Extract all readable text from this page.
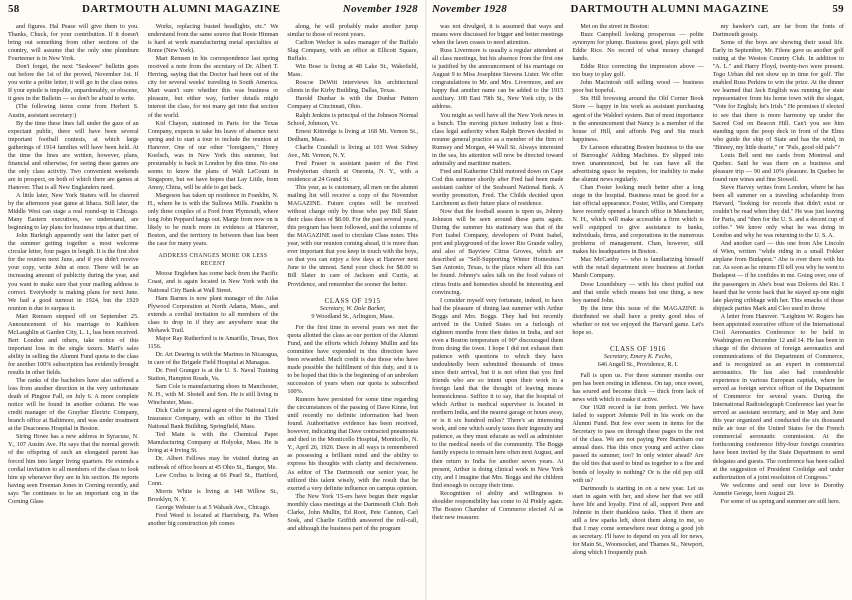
58	DARTMOUTH ALUMNI MAGAZINE	November 1928

and figures. Hal Pease will give them to you. Thanks, Chuck, for your contribution. If it doesn't bring out something from other sections of the country, will assume that the only sine plumbum Fourteener is in New York.

Don't forget, the next "Seskwee" bulletin goes out before the 1st of the proved, November 1st. If you write a polite letter, it will go in the class notes. If your epistle is impolite, unpardonably, or obscene, it goes in the Bulletin — so don't be afraid to write.

(The following items come from Herbert S. Austin, assistant secretary:)

By the time these lines fall under the gaze of an expectant public, there will have been several important football contests, at which large gatherings of 1914 families will have been held. At the time the lines are written, however, plans, financial and otherwise, for seeing these games are the only class activity. Two convenient weekends are in prospect, on both of which there are games at Hanover. That is all New Englanders need.

A little later, New York Staters will be cheered by the afternoon year game at Ithaca. Still later, the Middle West can stage a real round-up in Chicago. Many Eastern executives, we understand, are beginning to lay plans for business trips at that time.

John Burleigh apparently sent the latter part of the summer getting together a most welcome circular letter, four pages in length. It is the first shot for the reunion next June, and if you didn't receive your copy, write John at once. There will be an increasing amount of publicity during the year, and you want to make sure that your mailing address is correct. Everybody is making plans for next June. We had a good turnout in 1924, but the 1929 reunion is due to surpass it.

Mart Remsen stepped off on September 25. Announcement of his marriage to Kathleen McLaughlin at Garden City, L. I., has been received. Bert London and others, take notice of this important loss in the single taxers. Mart's sales ability in selling the Alumni Fund quota to the class for another 100% subscription has evidently brought results in other fields.

The ranks of the bachelors have also suffered a loss from another direction in the very unfortunate death of Pingree Fall, on July 6. A more complete notice will be found in another column. He was credit manager of the Graybar Electric Company, branch office at Baltimore, and was under treatment at the Deaconess Hospital in Boston.

String Howe has a new address in Syracuse, N. Y., 107 Austin Ave. He says that the normal growth of the offspring of such an elongated parent has forced him into larger living quarters. He extends a cordial invitation to all members of the class to look him up whenever they are in his section. He reports having seen Freeman Jones in Corning recently, and says "he continues to be an important cog in the Corning Glass

Works, replacing busted headlights, etc." We understand from the same source that Rosie Hinman is hard at work manufacturing metal specialties at Rome (New York).

Mart Remsen in his correspondence last spring received a note from the secretary of Dr. Albert T. Herring, saying that the Doctor had been out of the city for several weeks' traveling in South America. Mart wasn't sure whether this was business or pleasure, but either way, further details might interest the class, for not many get into that section of the world.

Kid Chaysn, stationed in Paris for the Texas Company, expects to take his leave of absence next spring and to start a tour to include the reunion at Hanover. One of our other "foreigners," Henry Koelsch, was in New York this summer, but presumably is back in London by this time. No one seems to know the plans of Walt LeCount in Singapore, but we have hopes that Lay Little, from Amoy, China, will be able to get back.

Margeson has taken up residence in Franklin, N. H., where he is with the Sullowa Mills. Franklin is only three couples of a Ford from Plymouth, where long John Peppard hangs out. Marge from now on is likely to be much more in evidence at Hanover, Boston, and the territory in between than has been the case for many years.

ADDRESS CHANGES MORE OR LESS RECENT

Moose Englehen has come back from the Pacific Coast, and is again located in New York with the National City Bank at Wall Street.

Ham Barnes is now plant manager of the Atlas Plywood Corporation at North Adams, Mass., and extends a cordial invitation to all members of the class to drop in if they are anywhere near the Mohawk Trail.

Major Ray Rutherford is in Amarillo, Texas, Box 1156.

Dr. Art Dearing is with the Marines in Nicaragua, in care of the Brigade Field Hospital at Managua.

Dr. Fred Granger is at the U. S. Naval Training Station, Hampton Roads, Va.

Sam Cole is manufacturing shoes in Manchester, N. H., with M. Shotell and Son. He is still living in Winchester, Mass.

Dick Cutler is general agent of the National Life Insurance Company, with an office in the Third National Bank Building, Springfield, Mass.

Ted Main is with the Chemical Paper Manufacturing Company at Holyoke, Mass. He is living at 4 Irving St.

Dr. Albert Fellows may be visited during an outbreak of office hours at 45 Ohio St., Bangor, Me.

Lew Corliss is living at 66 Pearl St., Hartford, Conn.

Morris White is living at 148 Willow St., Brooklyn, N. Y.

George Webster is at 5 Wabash Ave., Chicago.

Fred Weed is located at Harrisburg, Pa. When another big construction job comes

along, he will probably make another jump similar to those of recent years.

Carlton Wecker is sales manager of the Buffalo Slag Company, with an office at Ellicott Square, Buffalo.

Win Bose is living at 48 Lake St., Wakefield, Mass.

Roscoe DeWitt interviews his architectural clients in the Kirby Building, Dallas, Texas.

Harold Dunbar is with the Dunbar Pattern Company at Cincinnati, Ohio.

Ralph Jenkins is principal of the Johnson Normal School, Johnson, Vt.

Ernest Kittredge is living at 168 Mt. Vernon St., Dedham, Mass.

Charlie Crandall is living at 103 West Sidney Ave., Mt. Vernon, N. Y.

Fred Fraser is assistant pastor of the First Presbyterian church at Oneonta, N. Y., with a residence at 24 Grand St.

This year, as is customary, all men on the alumni mailing list will receive a copy of the November MAGAZINE. Future copies will be received without charge only by those who pay Bill Slater their class dues of $8.00. For the past several years, this program has been followed, and the columns of the MAGAZINE used to circulate Class notes. This year, with our reunion coming ahead, it is more than ever important that you keep in touch with the boys, so that you can enjoy a few days at Hanover next June to the utmost. Send your check for $8.00 to Bill Slater in care of Jackson and Curtis, at Providence, and remember the sooner the better.

CLASS OF 1915
Secretary, W. Dale Barker,
9 Woodland St., Arlington, Mass.

For the first time in several years we met the quota allotted the class as our portion of the Alumni Fund, and the efforts which Johnny Mullin and his committee have expended in this direction have been rewarded. Much credit is due those who have made possible the fulfillment of this duty, and it is to be hoped that this is the beginning of an unbroken succession of years when our quota is subscribed 100%.

Rumors have persisted for some time regarding the circumstances of the passing of Dave Kinne, but until recently no definite information had been found. Authoritative evidence has been received, however, indicating that Dave contracted pneumonia and died in the Monticello Hospital, Monticello, N. Y., April 26, 1926. Dave in all ways is remembered as possessing a brilliant mind and the ability to express his thoughts with clarity and decisiveness. As editor of The Dartmouth our senior year, he utilized this talent wisely, with the result that he exerted a very definite influence on campus opinion.

The New York '15-ers have begun their regular monthly class meetings at the Dartmouth Club. Bob Clarke, John Mullin, Ed Root, Pete Cannon, Carl Sosk, and Charlie Griffith answered the roll-call, and although the business part of the program

November 1928	DARTMOUTH ALUMNI MAGAZINE	59

was not divulged, it is assumed that ways and means were discussed for bigger and better meetings when the lawn ceases to need attention.

Russ Livermore is usually a regular attendant at all class meetings, but his absence from the first one is justified by the announcement of his marriage on August 9 to Miss Josephine Stevens Lister. We offer congratulations to Mr. and Mrs. Livermore, and are happy that another name can be added to the 1915 auxiliary. 100 East 79th St., New York city, is the address.

You might as well have all the New York news in a bunch. The moving picture industry lost a first-class legal authority when Ralph Brown decided to resume general practice as a member of the firm of Rumsey and Morgan, 44 Wall St. Always interested in the sea, his attention will now be directed toward admiralty and maritime matters.

Fred and Katherine Child motored down on Cape Cod this summer shortly after Fred had been made assistant cashier of the Seaboard National Bank. A worthy promotion, Fred. The Childs decided upon Larchmont as their future place of residence.

Now that the football season is upon us, Johnny Johnson will be seen around these parts again. During the summer his stationary was that of the Fort Isabel Company, developers of Point Isabel, port and playground of the lower Rio Grande valley, and also of Bayview Citrus Groves, which are described as "Self-Supporting Winter Homesites." San Antonio, Texas, is the place where all this can be found. Johnny's sales talk on the food values of citrus fruits and homesites should be interesting and convincing.

I consider myself very fortunate, indeed, to have had the pleasure of dining last summer with Arthur Boggs and Mrs. Boggs. They had but recently arrived in the United States on a furlough of eighteen months from their duties in India, and not even a Boston temperature of 90° discouraged them from doing the town. I hope I did not exhaust their patience with questions to which they have undoubtedly been submitted thousands of times since their arrival, but it is not often that you find friends who are so intent upon their work in a foreign land that the thought of leaving means homesickness. Suffice it to say, that the hospital of which Arthur is medical supervisor is located in northern India, and the nearest garage or hours away, or is it six hundred miles? There's an interesting work, and one which surely taxes their ingenuity and patience, as they must educate as well as administer to the medical needs of the community. The Boggs family expects to remain here often next August, and then return to India for another seven years. At present, Arthur is doing clinical work in New York city, and I imagine that Mrs. Boggs and the children find enough to occupy their time.

Recognition of ability and willingness to shoulder responsibility has come to Al Pinkly again. The Boston Chamber of Commerce elected Al as their new treasurer.

Met on the street in Boston:

Buzz Campbell looking prosperous — polite synonym for plump. Business good, plays golf with Eddie Rice. No record of what money changed hands.

Eddie Rice correcting the impression above — too busy to play golf.

John Macintosh still selling wood — business poor but hopeful.

Stu Hill browsing around the Old Corner Book Store — happy in his work as assistant purchasing agent of the Waldorf system. But of most importance is the announcement that Nancy is a member of the house of Hill, and affords Peg and Stu much happiness.

Ev Larsson educating Boston business to the use of Burroughs' Adding Machines. Ev slipped into town unannounced, but he can have all the advertising space he requires, for inability to make the alumni news regularly.

Chan Foster looking much better after a long siege in the hospital. Business must be good for a fair official appearance. Foster, Willis, and Company have recently opened a branch office in Manchester, N. H., which will make accessible a firm which is well equipped to give assistance to banks, individuals, firms, and corporations in the numerous problems of management. Chan, however, still makes his headquarters in Boston.

Mac McCarthy — who is familiarizing himself with the retail department store business at Jordan Marsh Company.

Dooe Loundsbury — with his chest puffed out and that smile which means but one thing, a new boy named John.

By the time this issue of the MAGAZINE is distributed we shall have a pretty good idea of whether or not we enjoyed the Harvard game. Let's hope so.

CLASS OF 1916
Secretary, Emery K. Fecho,
646 Angell St., Providence, R. I.

Fall is upon us. For three summer months our pen has been resting in idleness. On tap, once sweet, has soured and become thick — thick from lack of news with which to make it active.

Our 1928 record is far from perfect. We have failed to support Johnnie Pell in his work on the Alumni Fund. But few ever seem in items for the Secretary to pass on through these pages to the rest of the class. We are not paying Pere Burnham our annual dues. Has this once young and active class passed its summer, too? In only winter ahead? Are the old ties that used to bind us together to a fire and bonds of loyalty to nothing? Or is the old pep still with us?

Dartmouth is starting in on a new year. Let us start in again with her, and show her that we still have life and loyalty. First of all, support Pere and Johnnie in their thankless tasks. Then if there are still a few sparks left, shoot them along to me, so that I may come somewhere near doing a good job as secretary. I'll have to depend on you all for news, for Main St., Woonsocket, and Thames St., Newport, along which I frequently push

my hawker's cart, are far from the fonts of Dartmouth gossip.

Some of the boys are showing their usual life. Early in September, Mr. Filene gave us another golf outing at the Weston Country Club. In addition to "A. L." and Harry Floyd, twenty-two were present. Togo Urban did not show up in time for golf. The enabled Russ Perkins to win the prize. At the dinner we learned that Jack English was running for state representative from his home town with the slogan, "Vote for English; he's Irish." He promises if elected to see that there is more harmony up under the Sacred Cod on Beacon Hill. Can't you see him standing upon the poop deck in front of the Elms who guide the ship of State and has the wind, in "Binney, my little dearie," or "Pals, good old pals"?

Louis Bell sent me cards from Montreal and Quebec. Said he was there on a business and pleasure trip — 90 and 10% pleasure. In Quebec he found rare wines and fine Stowell.

Steve Harvey writes from London, where he has been all summer on a traveling scholarship from Harvard, "looking for records that didn't exist or couldn't be read when they did." He was just leaving for Paris, and "then for the U. S. and a decent cup of coffee." We know only what he was doing in London and why he was returning to the U. S. A.

And another card — this one from Abe Lincoln of Wien, written "while riding in a small Fokker airplane from Budapest." Abe is over there with his car. As soon as he returns I'll tell you why he went to Budapest — if he confides in me. Going over, one of the passengers in Abe's boat was Dolores del Rio. I heard that he wrote back that he stayed up one night late playing cribbage with her. This smacks of those shipjack parties Mark and Cleo used to throw.

A letter from Hanover. "Leighton W. Rogers has been appointed executive officer of the International Civil Aeronautics Conference to be held in Washington on December 12 and 14. He has been in charge of the division of foreign aeronautics and communications of the Department of Commerce, and is recognized as an expert in commercial aeronautics. He has also had considerable experience in various European capitals, where he served as foreign service officer of the Department of Commerce for several years. During the International Radiotelegraph Conference last year he served as assistant secretary, and in May and June this year organized and conducted the six thousand mile air tour of the United States for the French commercial aeronautic commission. At the forthcoming conference fifty-four foreign countries have been invited by the State Department to send delegates and guests. The conference has been called at the suggestion of President Coolidge and under authorization of a joint resolution of Congress."

We welcome and send our love to Dorothy Annette George, born August 29.

For some of us spring and summer are still here.
